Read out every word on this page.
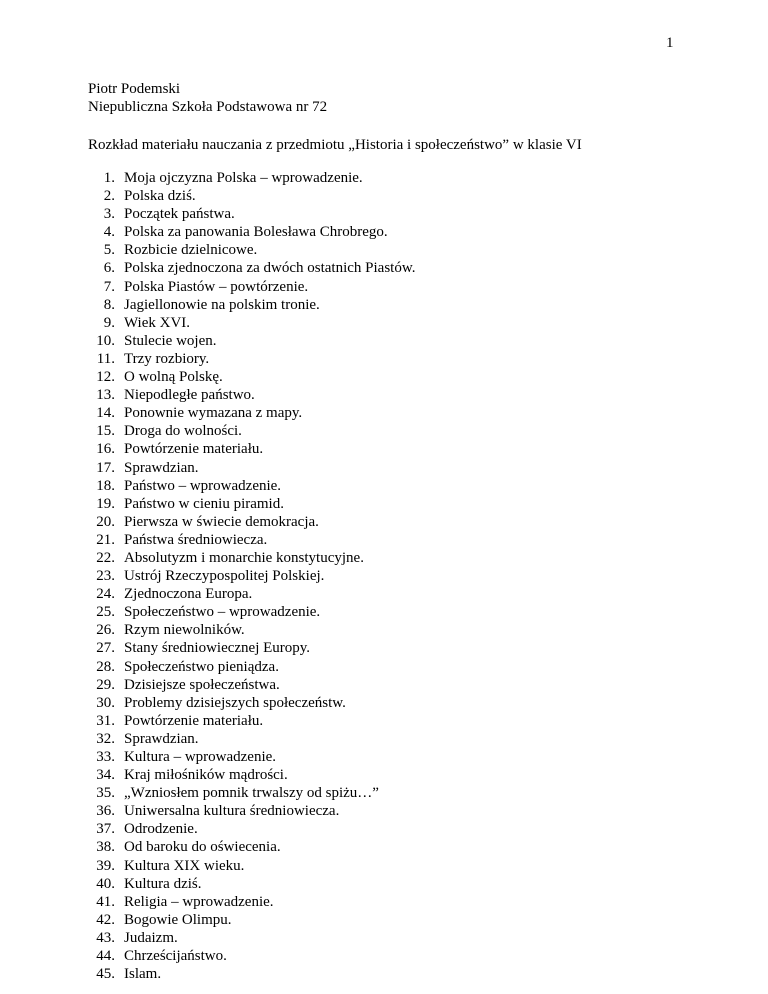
1
Piotr Podemski
Niepubliczna Szkoła Podstawowa nr 72
Rozkład materiału nauczania z przedmiotu „Historia i społeczeństwo” w klasie VI
1. Moja ojczyzna Polska – wprowadzenie.
2. Polska dziś.
3. Początek państwa.
4. Polska za panowania Bolesława Chrobrego.
5. Rozbicie dzielnicowe.
6. Polska zjednoczona za dwóch ostatnich Piastów.
7. Polska Piastów – powtórzenie.
8. Jagiellonowie na polskim tronie.
9. Wiek XVI.
10. Stulecie wojen.
11. Trzy rozbiory.
12. O wolną Polskę.
13. Niepodległe państwo.
14. Ponownie wymazana z mapy.
15. Droga do wolności.
16. Powtórzenie materiału.
17. Sprawdzian.
18. Państwo – wprowadzenie.
19. Państwo w cieniu piramid.
20. Pierwsza w świecie demokracja.
21. Państwa średniowiecza.
22. Absolutyzm i monarchie konstytucyjne.
23. Ustrój Rzeczypospolitej Polskiej.
24. Zjednoczona Europa.
25. Społeczeństwo – wprowadzenie.
26. Rzym niewolników.
27. Stany średniowiecznej Europy.
28. Społeczeństwo pieniądza.
29. Dzisiejsze społeczeństwa.
30. Problemy dzisiejszych społeczeństw.
31. Powtórzenie materiału.
32. Sprawdzian.
33. Kultura – wprowadzenie.
34. Kraj miłośników mądrości.
35. „Wzniosłem pomnik trwalszy od spiżu…”
36. Uniwersalna kultura średniowiecza.
37. Odrodzenie.
38. Od baroku do oświecenia.
39. Kultura XIX wieku.
40. Kultura dziś.
41. Religia – wprowadzenie.
42. Bogowie Olimpu.
43. Judaizm.
44. Chrześcijaństwo.
45. Islam.
